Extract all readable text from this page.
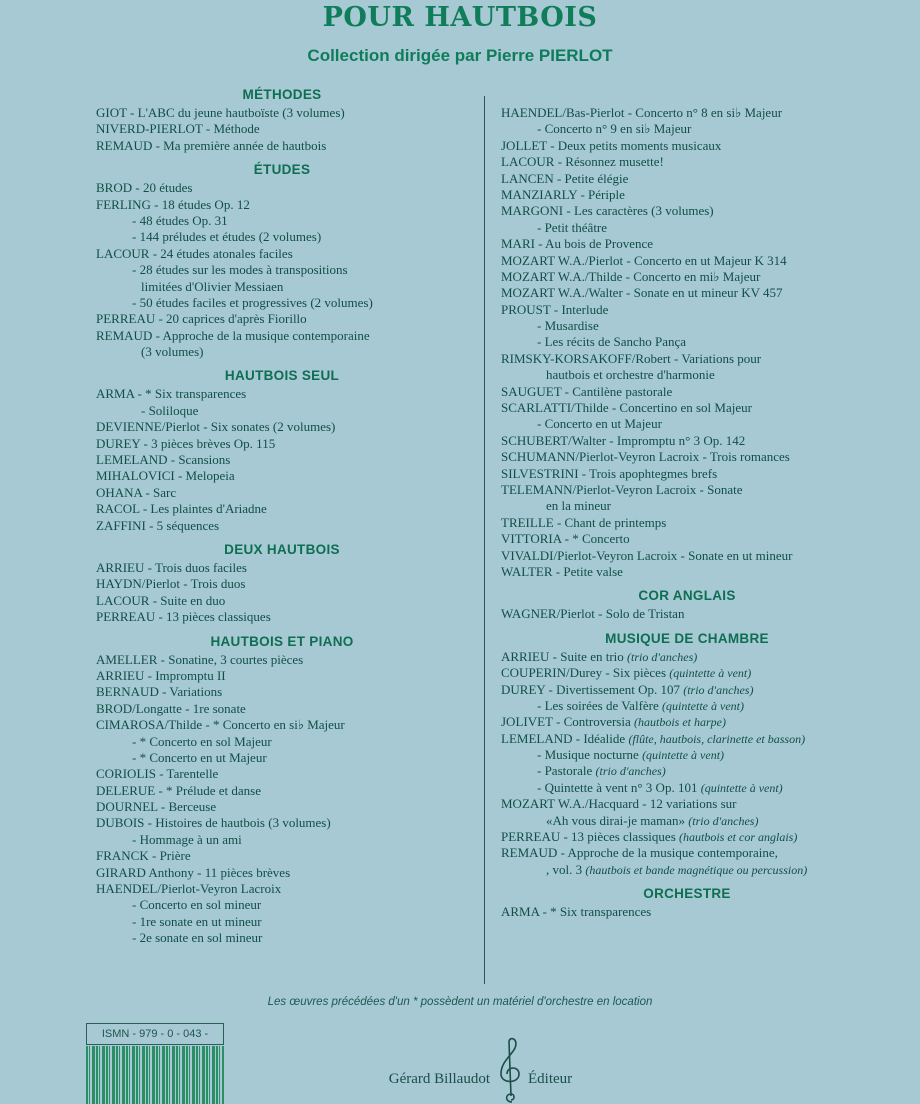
POUR HAUTBOIS
Collection dirigée par Pierre PIERLOT
MÉTHODES
GIOT - L'ABC du jeune hautboïste (3 volumes)
NIVERD-PIERLOT - Méthode
REMAUD - Ma première année de hautbois
ÉTUDES
BROD - 20 études
FERLING - 18 études Op. 12
- 48 études Op. 31
- 144 préludes et études (2 volumes)
LACOUR - 24 études atonales faciles
- 28 études sur les modes à transpositions
limitées d'Olivier Messiaen
- 50 études faciles et progressives (2 volumes)
PERREAU - 20 caprices d'après Fiorillo
REMAUD - Approche de la musique contemporaine
(3 volumes)
HAUTBOIS SEUL
ARMA - * Six transparences
- Soliloque
DEVIENNE/Pierlot - Six sonates (2 volumes)
DUREY - 3 pièces brèves Op. 115
LEMELAND - Scansions
MIHALOVICI - Melopeia
OHANA - Sarc
RACOL - Les plaintes d'Ariadne
ZAFFINI - 5 séquences
DEUX HAUTBOIS
ARRIEU - Trois duos faciles
HAYDN/Pierlot - Trois duos
LACOUR - Suite en duo
PERREAU - 13 pièces classiques
HAUTBOIS ET PIANO
AMELLER - Sonatine, 3 courtes pièces
ARRIEU - Impromptu II
BERNAUD - Variations
BROD/Longatte - 1re sonate
CIMAROSA/Thilde - * Concerto en si♭ Majeur
- * Concerto en sol Majeur
- * Concerto en ut Majeur
CORIOLIS - Tarentelle
DELERUE - * Prélude et danse
DOURNEL - Berceuse
DUBOIS - Histoires de hautbois (3 volumes)
- Hommage à un ami
FRANCK - Prière
GIRARD Anthony - 11 pièces brèves
HAENDEL/Pierlot-Veyron Lacroix
- Concerto en sol mineur
- 1re sonate en ut mineur
- 2e sonate en sol mineur
HAENDEL/Bas-Pierlot - Concerto n° 8 en si♭ Majeur
- Concerto n° 9 en si♭ Majeur
JOLLET - Deux petits moments musicaux
LACOUR - Résonnez musette!
LANCEN - Petite élégie
MANZIARLY - Périple
MARGONI - Les caractères (3 volumes)
- Petit théâtre
MARI - Au bois de Provence
MOZART W.A./Pierlot - Concerto en ut Majeur K 314
MOZART W.A./Thilde - Concerto en mi♭ Majeur
MOZART W.A./Walter - Sonate en ut mineur KV 457
PROUST - Interlude
- Musardise
- Les récits de Sancho Pança
RIMSKY-KORSAKOFF/Robert - Variations pour
hautbois et orchestre d'harmonie
SAUGUET - Cantilène pastorale
SCARLATTI/Thilde - Concertino en sol Majeur
- Concerto en ut Majeur
SCHUBERT/Walter - Impromptu n° 3 Op. 142
SCHUMANN/Pierlot-Veyron Lacroix - Trois romances
SILVESTRINI - Trois apophtegmes brefs
TELEMANN/Pierlot-Veyron Lacroix - Sonate
en la mineur
TREILLE - Chant de printemps
VITTORIA - * Concerto
VIVALDI/Pierlot-Veyron Lacroix - Sonate en ut mineur
WALTER - Petite valse
COR ANGLAIS
WAGNER/Pierlot - Solo de Tristan
MUSIQUE DE CHAMBRE
ARRIEU - Suite en trio (trio d'anches)
COUPERIN/Durey - Six pièces (quintette à vent)
DUREY - Divertissement Op. 107 (trio d'anches)
- Les soirées de Valfère (quintette à vent)
JOLIVET - Controversia (hautbois et harpe)
LEMELAND - Idéalide (flûte, hautbois, clarinette et basson)
- Musique nocturne (quintette à vent)
- Pastorale (trio d'anches)
- Quintette à vent n° 3 Op. 101 (quintette à vent)
MOZART W.A./Hacquard - 12 variations sur
«Ah vous dirai-je maman» (trio d'anches)
PERREAU - 13 pièces classiques (hautbois et cor anglais)
REMAUD - Approche de la musique contemporaine,
, vol. 3 (hautbois et bande magnétique ou percussion)
ORCHESTRE
ARMA - * Six transparences
Les œuvres précédées d'un * possèdent un matériel d'orchestre en location
ISMN - 979 - 0 - 043 -
Gérard Billaudot	Éditeur
